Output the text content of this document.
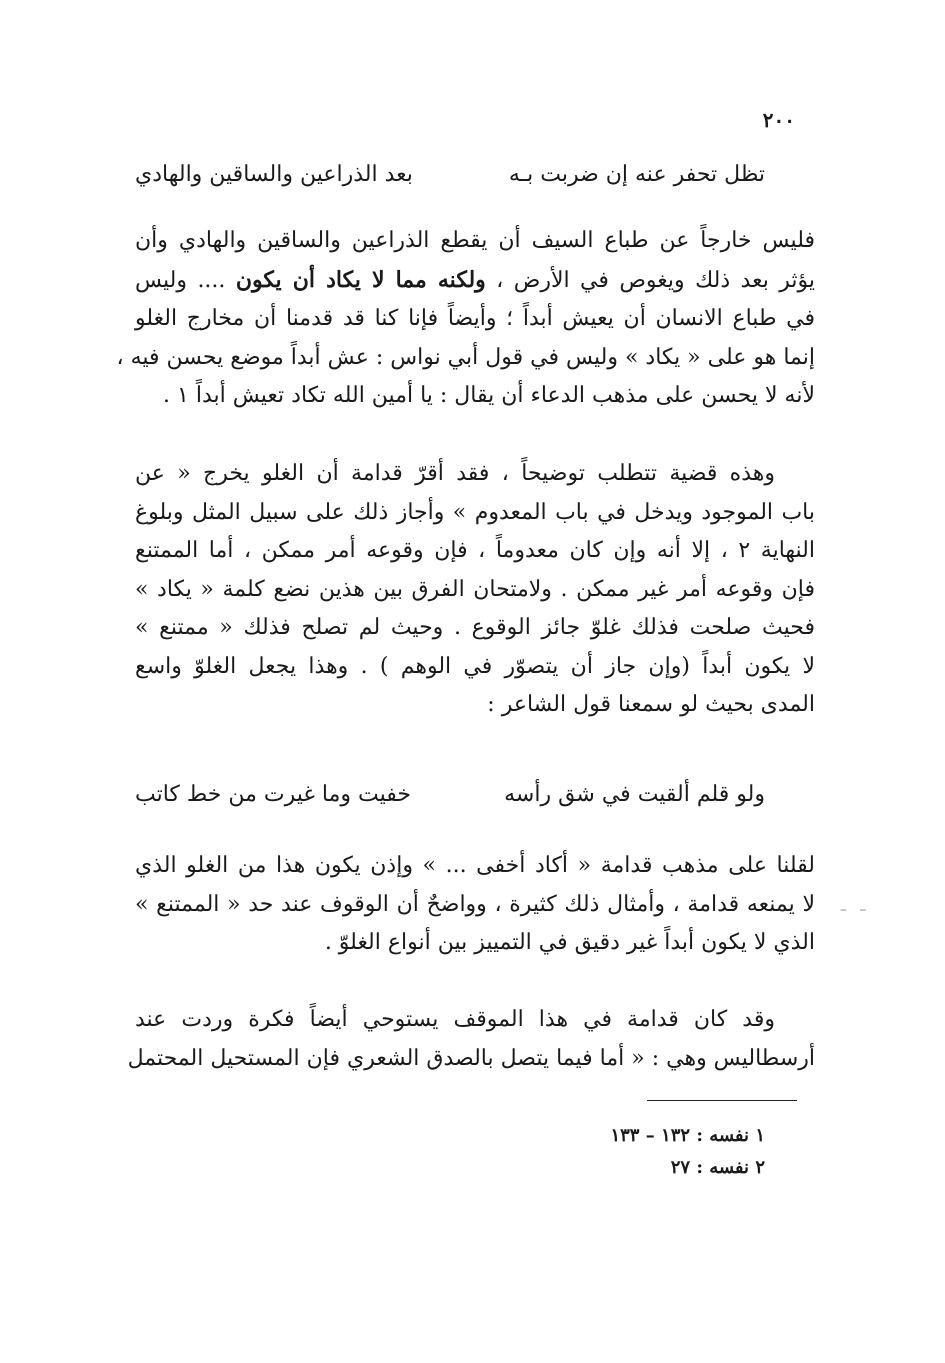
٢٠٠
تظل تحفر عنه إن ضربت بـه
بعد الذراعين والساقين والهادي
فليس خارجاً عن طباع السيف أن يقطع الذراعين والساقين والهادي وأن
يؤثر بعد ذلك ويغوص في الأرض ، ولكنه مما لا يكاد أن يكون .... وليس
في طباع الانسان أن يعيش أبداً ؛ وأيضاً فإنا كنا قد قدمنا أن مخارج الغلو
إنما هو على « يكاد » وليس في قول أبي نواس : عش أبداً موضع يحسن فيه ،
لأنه لا يحسن على مذهب الدعاء أن يقال : يا أمين الله تكاد تعيش أبداً ١ .
وهذه قضية تتطلب توضيحاً ، فقد أقرّ قدامة أن الغلو يخرج « عن
باب الموجود ويدخل في باب المعدوم » وأجاز ذلك على سبيل المثل وبلوغ
النهاية ٢ ، إلا أنه وإن كان معدوماً ، فإن وقوعه أمر ممكن ، أما الممتنع
فإن وقوعه أمر غير ممكن . ولامتحان الفرق بين هذين نضع كلمة « يكاد »
فحيث صلحت فذلك غلوّ جائز الوقوع . وحيث لم تصلح فذلك « ممتنع »
لا يكون أبداً (وإن جاز أن يتصوّر في الوهم ) . وهذا يجعل الغلوّ واسع
المدى بحيث لو سمعنا قول الشاعر :
ولو قلم ألقيت في شق رأسه
خفيت وما غيرت من خط كاتب
لقلنا على مذهب قدامة « أكاد أخفى ... » وإذن يكون هذا من الغلو الذي
لا يمنعه قدامة ، وأمثال ذلك كثيرة ، وواضحٌ أن الوقوف عند حد « الممتنع »
الذي لا يكون أبداً غير دقيق في التمييز بين أنواع الغلوّ .
وقد كان قدامة في هذا الموقف يستوحي أيضاً فكرة وردت عند
أرسطاليس وهي : « أما فيما يتصل بالصدق الشعري فإن المستحيل المحتمل
١ نفسه : ١٣٢ – ١٣٣
٢ نفسه : ٢٧
– –
